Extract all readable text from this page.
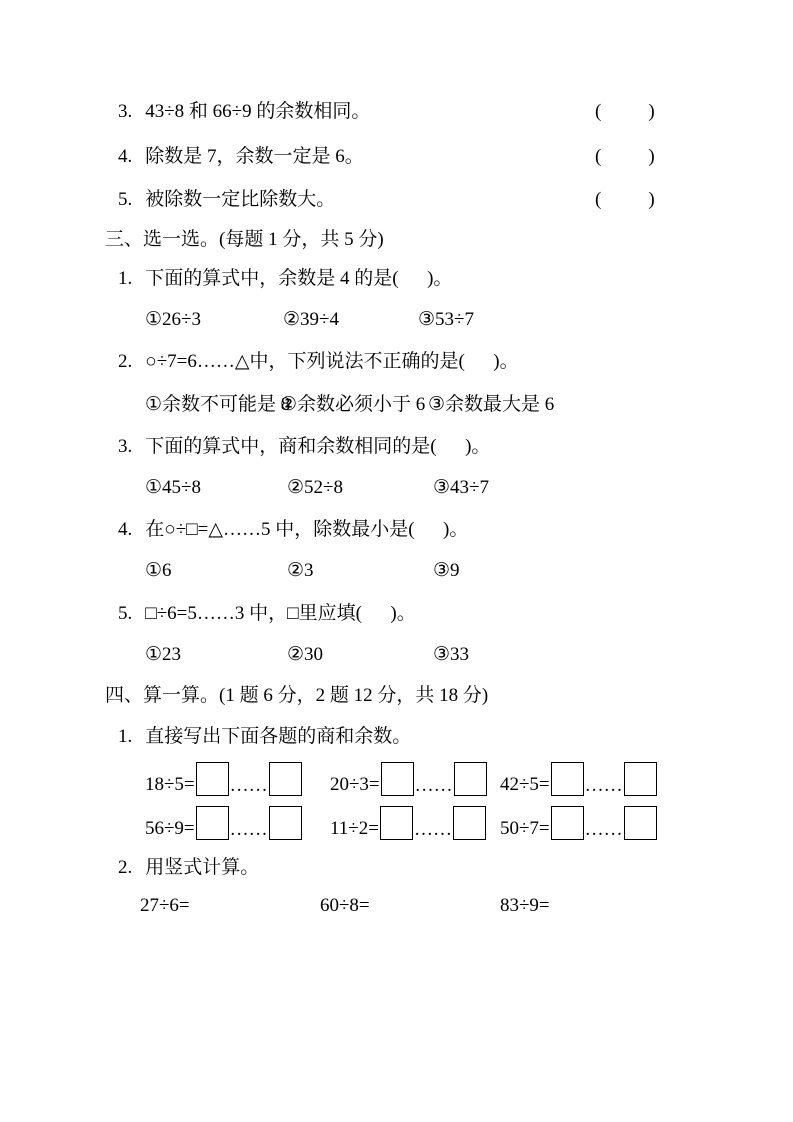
3. 43÷8 和 66÷9 的余数相同。	(        )
4. 除数是 7，余数一定是 6。	(        )
5. 被除数一定比除数大。	(        )
三、选一选。(每题 1 分，共 5 分)
1. 下面的算式中，余数是 4 的是(      )。
①26÷3	②39÷4	③53÷7
2. ○÷7=6……△中，下列说法不正确的是(      )。
①余数不可能是 8
②余数必须小于 6 ③余数最大是 6
3. 下面的算式中，商和余数相同的是(      )。
①45÷8	②52÷8	③43÷7
4. 在○÷□=△……5 中，除数最小是(      )。
①6	②3	③9
5. □÷6=5……3 中，□里应填(      )。
①23	②30	③33
四、算一算。(1 题 6 分，2 题 12 分，共 18 分)
1. 直接写出下面各题的商和余数。
18÷5= ……	20÷3= …… 42÷5= ……
56÷9= ……	11÷2= ……	50÷7= ……
2. 用竖式计算。
27÷6=	60÷8=	83÷9=
